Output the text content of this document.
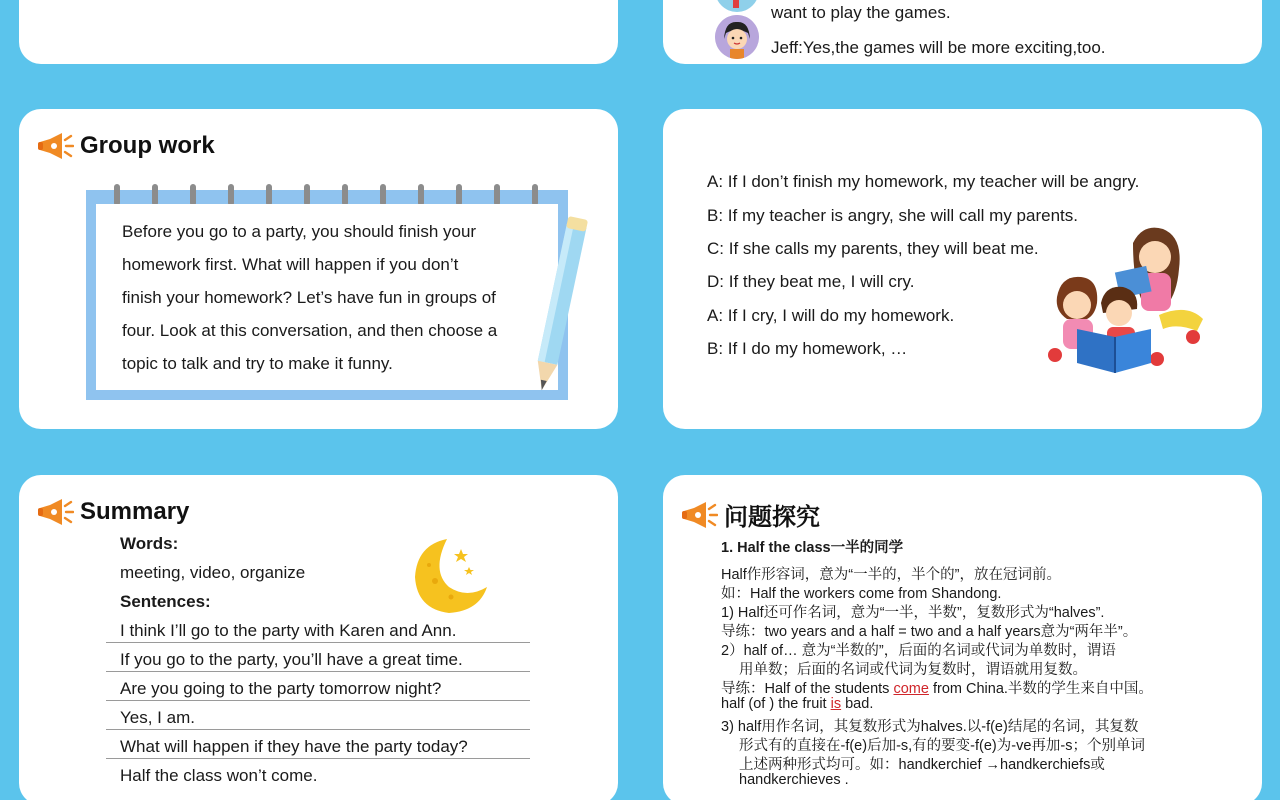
want to play the games.
Jeff:Yes,the games will be more exciting,too.
Group work
Before you go to a party, you should finish your
homework first. What will happen if you don’t
finish your homework? Let’s have fun in groups of
four. Look at this conversation, and then choose a
topic to talk and try to make it funny.
A: If I don’t finish my homework, my teacher will be angry.
B: If my teacher is angry, she will call my parents.
C: If she calls my parents, they will beat me.
D: If they beat me, I will cry.
A: If I cry, I will do my homework.
B: If I do my homework, …
Summary
Words:
meeting, video, organize
Sentences:
I think I’ll go to the party with Karen and Ann.
If you go to the party, you’ll have a great time.
Are you going to the party tomorrow night?
Yes, I am.
What will happen if they have the party today?
Half the class won’t come.
问题探究
1. Half the class一半的同学
Half作形容词，意为“一半的，半个的”，放在冠词前。
如：Half the workers come from Shandong.
1) Half还可作名词，意为“一半，半数”，复数形式为“halves”.
导练：two years and a half = two and a half years意为“两年半”。
2）half of… 意为“半数的”，后面的名词或代词为单数时，谓语
用单数；后面的名词或代词为复数时，谓语就用复数。
导练：Half of the students come from China.半数的学生来自中国。
half (of ) the fruit is bad.
3) half用作名词，其复数形式为halves.以-f(e)结尾的名词，其复数
形式有的直接在-f(e)后加-s,有的要变-f(e)为-ve再加-s；个别单词
上述两种形式均可。如：handkerchief →handkerchiefs或
handkerchieves .
